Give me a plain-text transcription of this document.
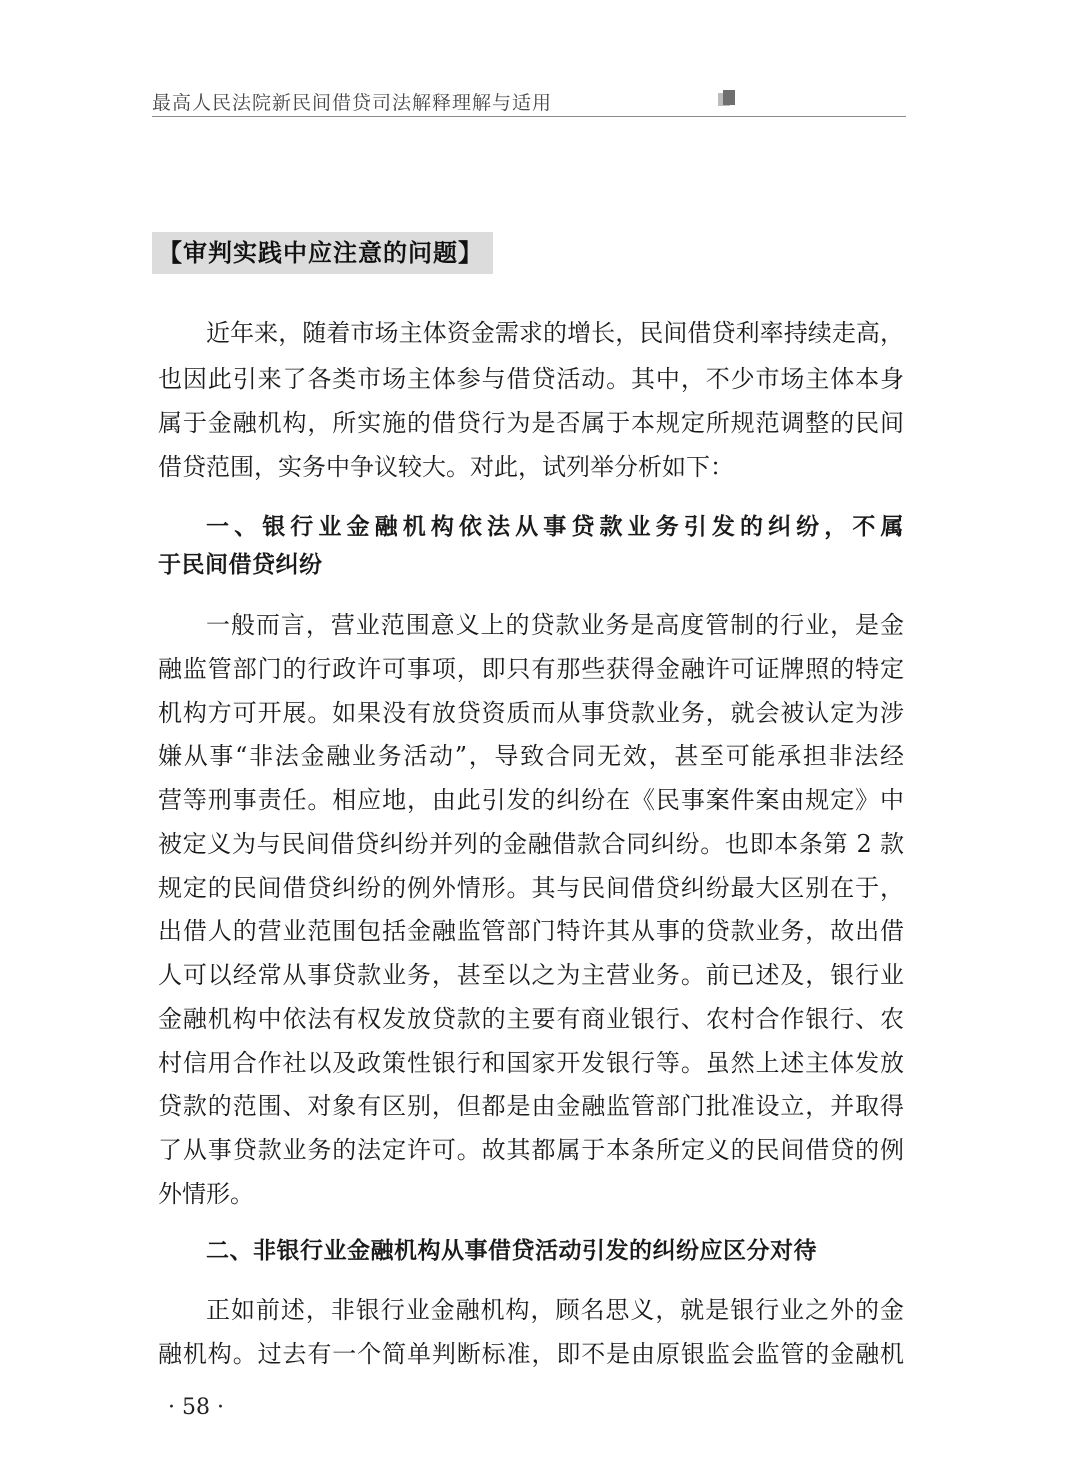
最高人民法院新民间借贷司法解释理解与适用
【审判实践中应注意的问题】
近年来，随着市场主体资金需求的增长，民间借贷利率持续走高，
也因此引来了各类市场主体参与借贷活动。其中，不少市场主体本身
属于金融机构，所实施的借贷行为是否属于本规定所规范调整的民间
借贷范围，实务中争议较大。对此，试列举分析如下：
一、银行业金融机构依法从事贷款业务引发的纠纷，不属
于民间借贷纠纷
一般而言，营业范围意义上的贷款业务是高度管制的行业，是金
融监管部门的行政许可事项，即只有那些获得金融许可证牌照的特定
机构方可开展。如果没有放贷资质而从事贷款业务，就会被认定为涉
嫌从事“非法金融业务活动”，导致合同无效，甚至可能承担非法经
营等刑事责任。相应地，由此引发的纠纷在《民事案件案由规定》中
被定义为与民间借贷纠纷并列的金融借款合同纠纷。也即本条第 2 款
规定的民间借贷纠纷的例外情形。其与民间借贷纠纷最大区别在于，
出借人的营业范围包括金融监管部门特许其从事的贷款业务，故出借
人可以经常从事贷款业务，甚至以之为主营业务。前已述及，银行业
金融机构中依法有权发放贷款的主要有商业银行、农村合作银行、农
村信用合作社以及政策性银行和国家开发银行等。虽然上述主体发放
贷款的范围、对象有区别，但都是由金融监管部门批准设立，并取得
了从事贷款业务的法定许可。故其都属于本条所定义的民间借贷的例
外情形。
二、非银行业金融机构从事借贷活动引发的纠纷应区分对待
正如前述，非银行业金融机构，顾名思义，就是银行业之外的金
融机构。过去有一个简单判断标准，即不是由原银监会监管的金融机
· 58 ·
